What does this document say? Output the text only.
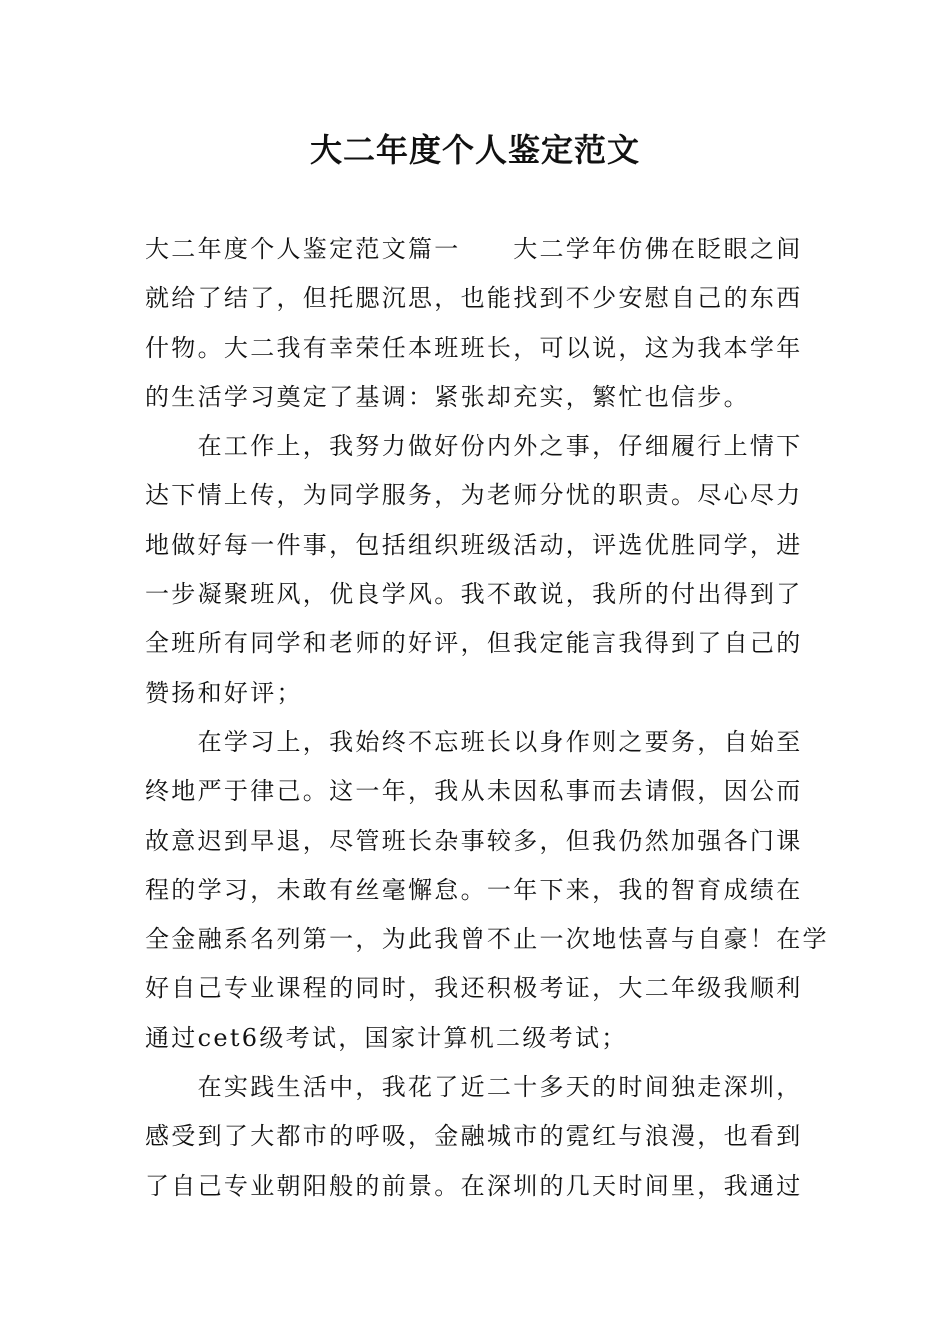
大二年度个人鉴定范文
大二年度个人鉴定范文篇一　　大二学年仿佛在眨眼之间
就给了结了，但托腮沉思，也能找到不少安慰自己的东西
什物。大二我有幸荣任本班班长，可以说，这为我本学年
的生活学习奠定了基调：紧张却充实，繁忙也信步。
　　在工作上，我努力做好份内外之事，仔细履行上情下
达下情上传，为同学服务，为老师分忧的职责。尽心尽力
地做好每一件事，包括组织班级活动，评选优胜同学，进
一步凝聚班风，优良学风。我不敢说，我所的付出得到了
全班所有同学和老师的好评，但我定能言我得到了自己的
赞扬和好评；
　　在学习上，我始终不忘班长以身作则之要务，自始至
终地严于律己。这一年，我从未因私事而去请假，因公而
故意迟到早退，尽管班长杂事较多，但我仍然加强各门课
程的学习，未敢有丝毫懈怠。一年下来，我的智育成绩在
全金融系名列第一，为此我曾不止一次地怯喜与自豪！在学
好自己专业课程的同时，我还积极考证，大二年级我顺利
通过cet6级考试，国家计算机二级考试；
　　在实践生活中，我花了近二十多天的时间独走深圳，
感受到了大都市的呼吸，金融城市的霓红与浪漫，也看到
了自己专业朝阳般的前景。在深圳的几天时间里，我通过
